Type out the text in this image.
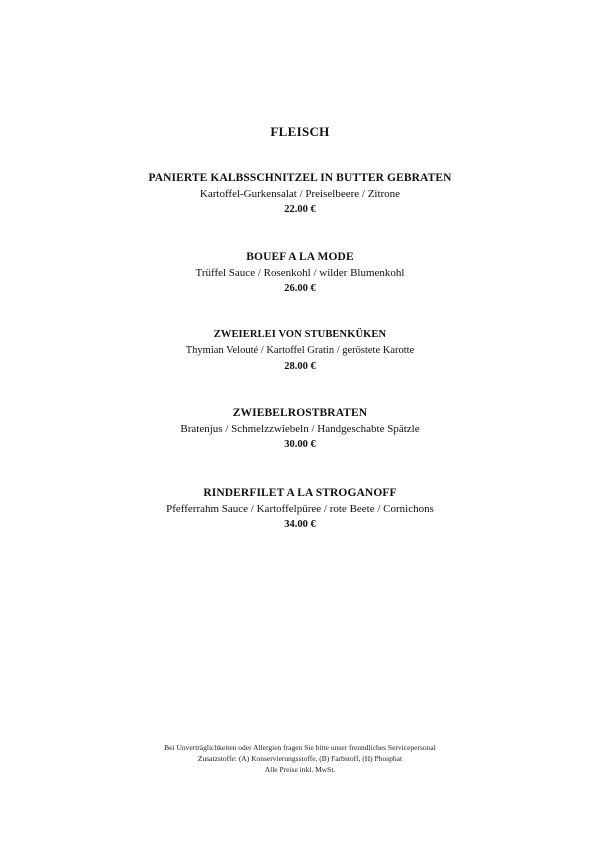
FLEISCH
PANIERTE KALBSSCHNITZEL IN BUTTER GEBRATEN
Kartoffel-Gurkensalat / Preiselbeere / Zitrone
22.00 €
BOUEF A LA MODE
Trüffel Sauce / Rosenkohl / wilder Blumenkohl
26.00 €
ZWEIERLEI VON STUBENKÜKEN
Thymian Velouté / Kartoffel Gratin / geröstete Karotte
28.00 €
ZWIEBELROSTBRATEN
Bratenjus / Schmelzzwiebeln / Handgeschabte Spätzle
30.00 €
RINDERFILET A LA STROGANOFF
Pfefferrahm Sauce / Kartoffelpüree / rote Beete / Cornichons
34.00 €
Bei Unverträglichkeiten oder Allergien fragen Sie bitte unser freundliches Servicepersonal
Zusatzstoffe: (A) Konservierungsstoffe, (B) Farbstoff, (H) Phosphat
Alle Preise inkl. MwSt.
